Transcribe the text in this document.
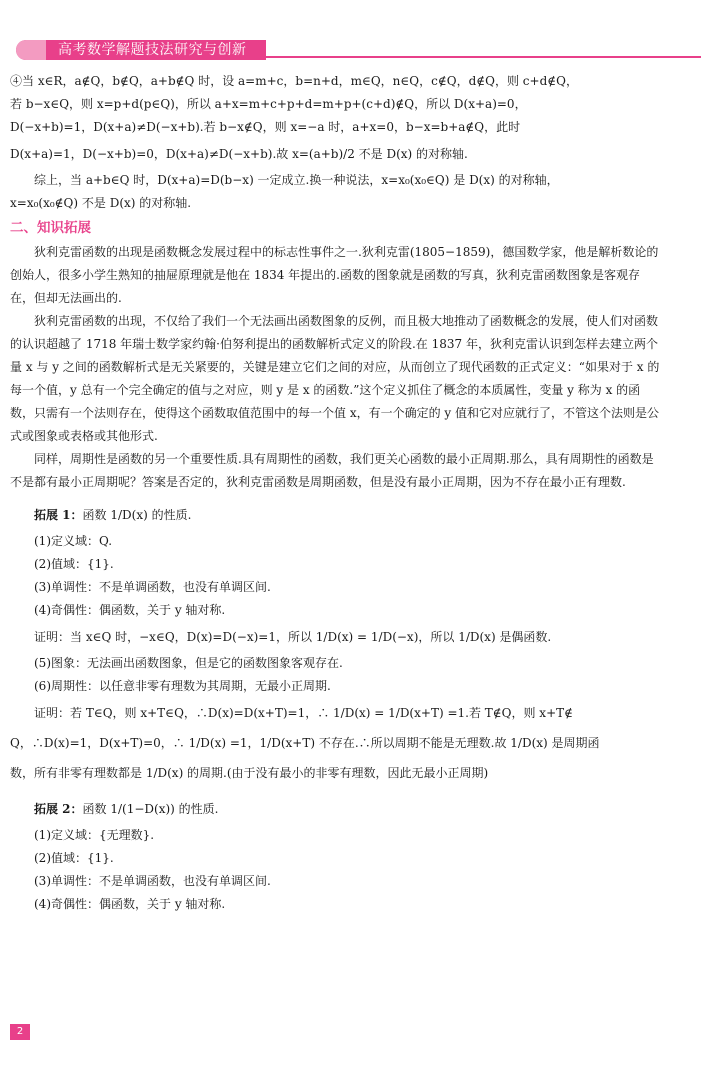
高考数学解题技法研究与创新

④当 x∈R，a∉Q，b∉Q，a+b∉Q 时，设 a=m+c，b=n+d，m∈Q，n∈Q，c∉Q，d∉Q，则 c+d∉Q，

若 b−x∈Q，则 x=p+d(p∈Q)，所以 a+x=m+c+p+d=m+p+(c+d)∉Q，所以 D(x+a)=0，

D(−x+b)=1，D(x+a)≠D(−x+b).若 b−x∉Q，则 x=−a 时，a+x=0，b−x=b+a∉Q，此时

D(x+a)=1，D(−x+b)=0，D(x+a)≠D(−x+b).故 x=(a+b)/2 不是 D(x) 的对称轴.

综上，当 a+b∈Q 时，D(x+a)=D(b−x) 一定成立.换一种说法，x=x₀(x₀∈Q) 是 D(x) 的对称轴，

x=x₀(x₀∉Q) 不是 D(x) 的对称轴.

二、知识拓展

狄利克雷函数的出现是函数概念发展过程中的标志性事件之一.狄利克雷(1805−1859)，德国数学家，他是解析数论的创始人，很多小学生熟知的抽屉原理就是他在 1834 年提出的.函数的图象就是函数的写真，狄利克雷函数图象是客观存在，但却无法画出的.

狄利克雷函数的出现，不仅给了我们一个无法画出函数图象的反例，而且极大地推动了函数概念的发展，使人们对函数的认识超越了 1718 年瑞士数学家约翰·伯努利提出的函数解析式定义的阶段.在 1837 年，狄利克雷认识到怎样去建立两个量 x 与 y 之间的函数解析式是无关紧要的，关键是建立它们之间的对应，从而创立了现代函数的正式定义：“如果对于 x 的每一个值，y 总有一个完全确定的值与之对应，则 y 是 x 的函数.”这个定义抓住了概念的本质属性，变量 y 称为 x 的函数，只需有一个法则存在，使得这个函数取值范围中的每一个值 x，有一个确定的 y 值和它对应就行了，不管这个法则是公式或图象或表格或其他形式.

同样，周期性是函数的另一个重要性质.具有周期性的函数，我们更关心函数的最小正周期.那么，具有周期性的函数是不是都有最小正周期呢？答案是否定的，狄利克雷函数是周期函数，但是没有最小正周期，因为不存在最小正有理数.

拓展 1：函数 1/D(x) 的性质.

(1)定义域：Q.

(2)值域：{1}.

(3)单调性：不是单调函数，也没有单调区间.

(4)奇偶性：偶函数，关于 y 轴对称.

证明：当 x∈Q 时，−x∈Q，D(x)=D(−x)=1，所以 1/D(x) = 1/D(−x)，所以 1/D(x) 是偶函数.

(5)图象：无法画出函数图象，但是它的函数图象客观存在.

(6)周期性：以任意非零有理数为其周期，无最小正周期.

证明：若 T∈Q，则 x+T∈Q，∴D(x)=D(x+T)=1，∴ 1/D(x) = 1/D(x+T) =1.若 T∉Q，则 x+T∉

Q，∴D(x)=1，D(x+T)=0，∴ 1/D(x) =1，1/D(x+T) 不存在.∴所以周期不能是无理数.故 1/D(x) 是周期函

数，所有非零有理数都是 1/D(x) 的周期.(由于没有最小的非零有理数，因此无最小正周期)

拓展 2：函数 1/(1−D(x)) 的性质.

(1)定义域：{无理数}.

(2)值域：{1}.

(3)单调性：不是单调函数，也没有单调区间.

(4)奇偶性：偶函数，关于 y 轴对称.

2
